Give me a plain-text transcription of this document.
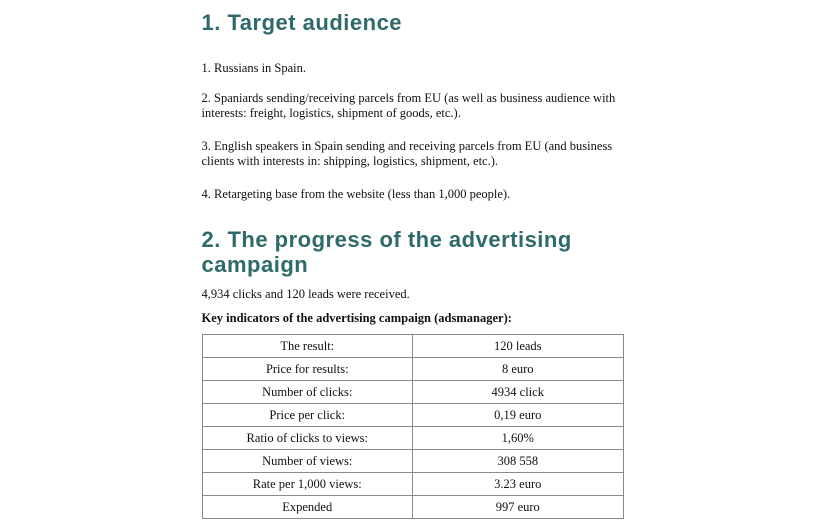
1. Target audience

1. Russians in Spain.

2. Spaniards sending/receiving parcels from EU (as well as business audience with interests: freight, logistics, shipment of goods, etc.).

3. English speakers in Spain sending and receiving parcels from EU (and business clients with interests in: shipping, logistics, shipment, etc.).

4. Retargeting base from the website (less than 1,000 people).

2. The progress of the advertising campaign

4,934 clicks and 120 leads were received.

Key indicators of the advertising campaign (adsmanager):

The result:	120 leads
Price for results:	8 euro
Number of clicks:	4934 click
Price per click:	0,19 euro
Ratio of clicks to views:	1,60%
Number of views:	308 558
Rate per 1,000 views:	3.23 euro
Expended	997 euro
